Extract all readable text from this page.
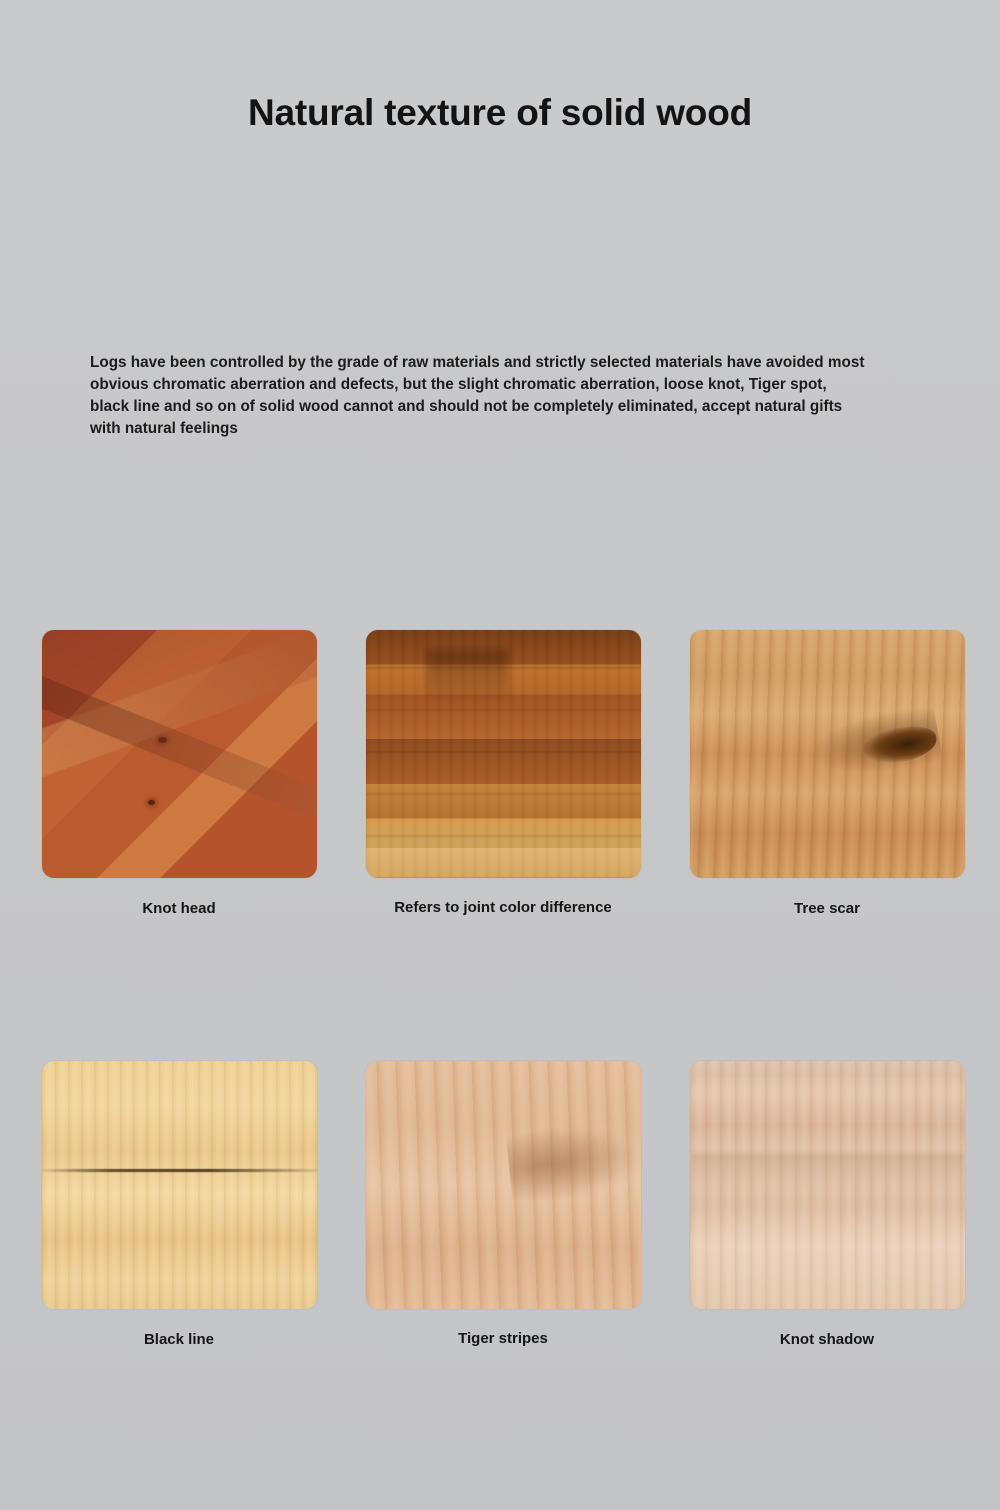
Natural texture of solid wood
Logs have been controlled by the grade of raw materials and strictly selected materials have avoided most obvious chromatic aberration and defects, but the slight chromatic aberration, loose knot, Tiger spot, black line and so on of solid wood cannot and should not be completely eliminated, accept natural gifts with natural feelings
Knot head	Refers to joint color difference	Tree scar
Black line	Tiger stripes	Knot shadow
